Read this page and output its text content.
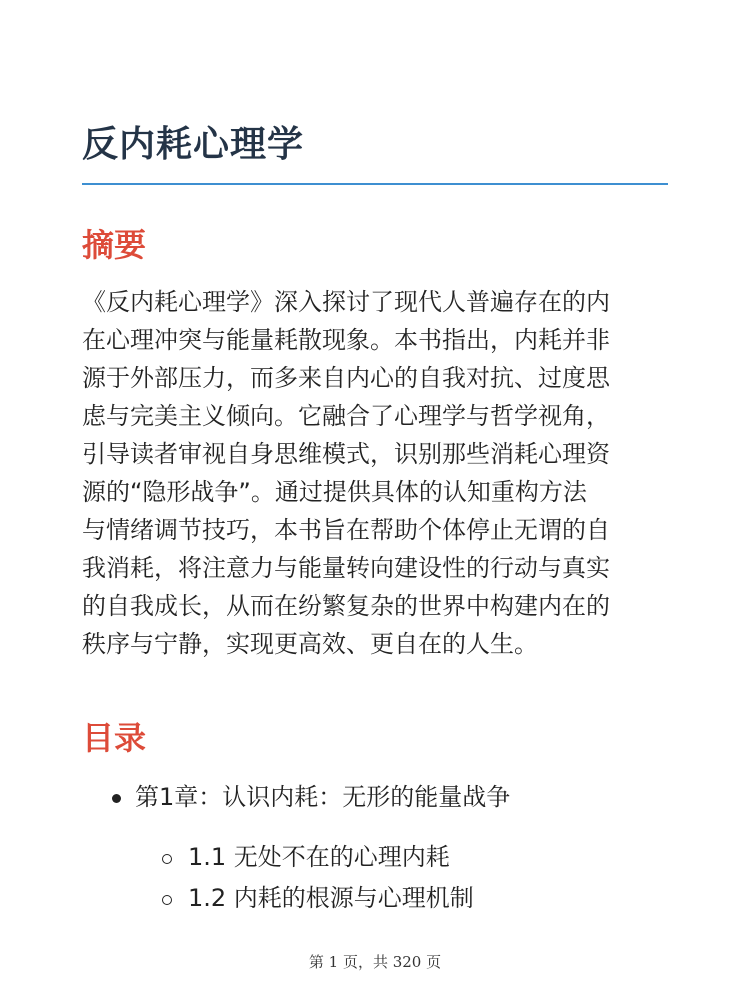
反内耗心理学
摘要

《反内耗心理学》深入探讨了现代人普遍存在的内
在心理冲突与能量耗散现象。本书指出，内耗并非
源于外部压力，而多来自内心的自我对抗、过度思
虑与完美主义倾向。它融合了心理学与哲学视角，
引导读者审视自身思维模式，识别那些消耗心理资
源的“隐形战争”。通过提供具体的认知重构方法
与情绪调节技巧，本书旨在帮助个体停止无谓的自
我消耗，将注意力与能量转向建设性的行动与真实
的自我成长，从而在纷繁复杂的世界中构建内在的
秩序与宁静，实现更高效、更自在的人生。

目录
第1章：认识内耗：无形的能量战争
1.1 无处不在的心理内耗
1.2 内耗的根源与心理机制
第 1 页，共 320 页
